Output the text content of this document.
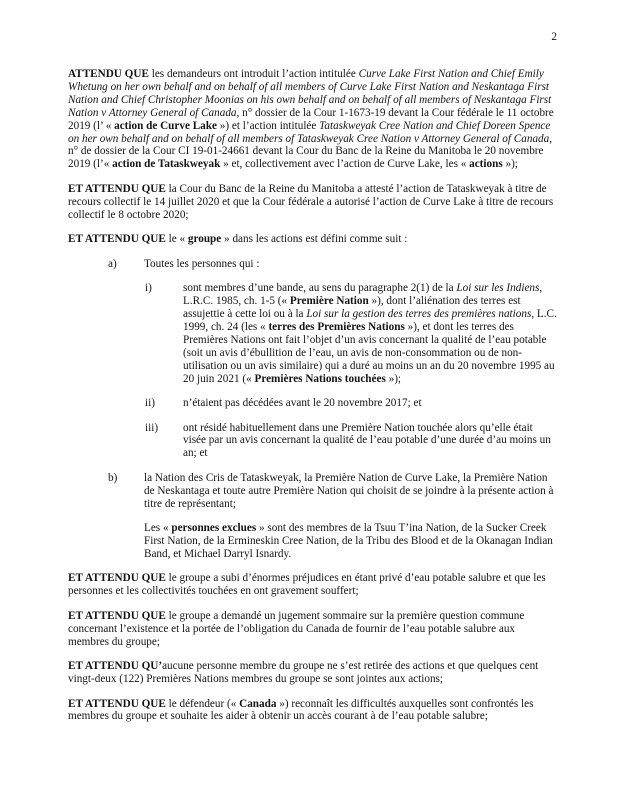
2
ATTENDU QUE les demandeurs ont introduit l’action intitulée Curve Lake First Nation and Chief Emily Whetung on her own behalf and on behalf of all members of Curve Lake First Nation and Neskantaga First Nation and Chief Christopher Moonias on his own behalf and on behalf of all members of Neskantaga First Nation v Attorney General of Canada, n° dossier de la Cour 1-1673-19 devant la Cour fédérale le 11 octobre 2019 (l’ « action de Curve Lake ») et l’action intitulée Tataskweyak Cree Nation and Chief Doreen Spence on her own behalf and on behalf of all members of Tataskweyak Cree Nation v Attorney General of Canada, n° de dossier de la Cour CI 19-01-24661 devant la Cour du Banc de la Reine du Manitoba le 20 novembre 2019 (l’« action de Tataskweyak » et, collectivement avec l’action de Curve Lake, les « actions »);
ET ATTENDU QUE la Cour du Banc de la Reine du Manitoba a attesté l’action de Tataskweyak à titre de recours collectif le 14 juillet 2020 et que la Cour fédérale a autorisé l’action de Curve Lake à titre de recours collectif le 8 octobre 2020;
ET ATTENDU QUE le « groupe » dans les actions est défini comme suit :
a) Toutes les personnes qui :
i)	sont membres d’une bande, au sens du paragraphe 2(1) de la Loi sur les Indiens, L.R.C. 1985, ch. 1-5 (« Première Nation »), dont l’aliénation des terres est assujettie à cette loi ou à la Loi sur la gestion des terres des premières nations, L.C. 1999, ch. 24 (les « terres des Premières Nations »), et dont les terres des Premières Nations ont fait l’objet d’un avis concernant la qualité de l’eau potable (soit un avis d’ébullition de l’eau, un avis de non-consommation ou de non-utilisation ou un avis similaire) qui a duré au moins un an du 20 novembre 1995 au 20 juin 2021 (« Premières Nations touchées »);
ii)	n’étaient pas décédées avant le 20 novembre 2017; et
iii) ont résidé habituellement dans une Première Nation touchée alors qu’elle était visée par un avis concernant la qualité de l’eau potable d’une durée d’au moins un an; et
b) la Nation des Cris de Tataskweyak, la Première Nation de Curve Lake, la Première Nation de Neskantaga et toute autre Première Nation qui choisit de se joindre à la présente action à titre de représentant;
Les « personnes exclues » sont des membres de la Tsuu T’ina Nation, de la Sucker Creek First Nation, de la Ermineskin Cree Nation, de la Tribu des Blood et de la Okanagan Indian Band, et Michael Darryl Isnardy.
ET ATTENDU QUE le groupe a subi d’énormes préjudices en étant privé d’eau potable salubre et que les personnes et les collectivités touchées en ont gravement souffert;
ET ATTENDU QUE le groupe a demandé un jugement sommaire sur la première question commune concernant l’existence et la portée de l’obligation du Canada de fournir de l’eau potable salubre aux membres du groupe;
ET ATTENDU QU’aucune personne membre du groupe ne s’est retirée des actions et que quelques cent vingt-deux (122) Premières Nations membres du groupe se sont jointes aux actions;
ET ATTENDU QUE le défendeur (« Canada ») reconnaît les difficultés auxquelles sont confrontés les membres du groupe et souhaite les aider à obtenir un accès courant à de l’eau potable salubre;
